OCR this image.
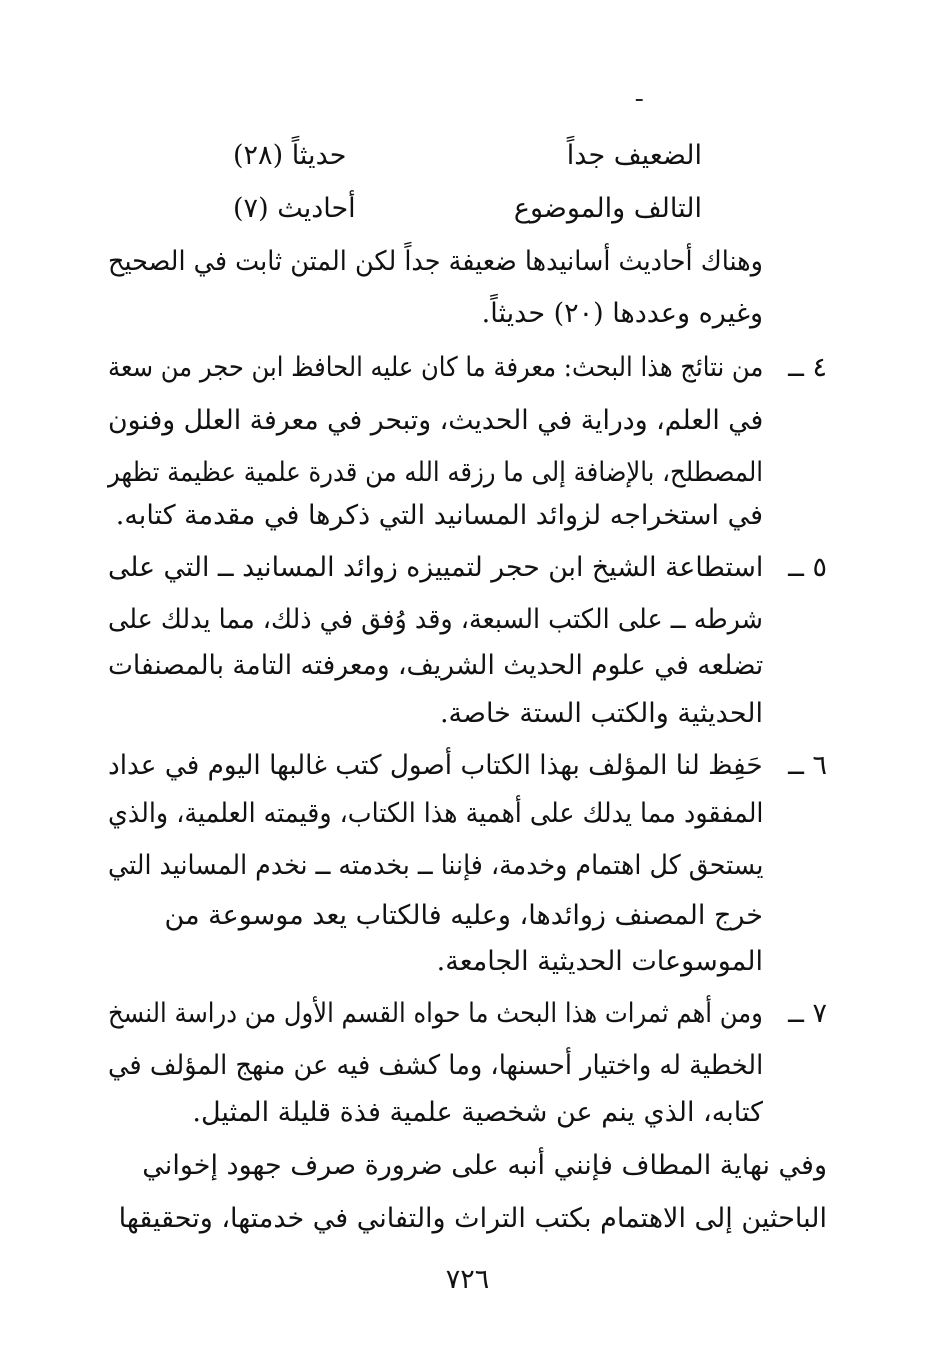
ـ
الضعيف جداً
(٢٨) حديثاً
التالف والموضوع
(٧) أحاديث
وهناك أحاديث أسانيدها ضعيفة جداً لكن المتن ثابت في الصحيح
وغيره وعددها (٢٠) حديثاً.
٤ ــ
من نتائج هذا البحث: معرفة ما كان عليه الحافظ ابن حجر من سعة
في العلم، ودراية في الحديث، وتبحر في معرفة العلل وفنون
المصطلح، بالإضافة إلى ما رزقه الله من قدرة علمية عظيمة تظهر
في استخراجه لزوائد المسانيد التي ذكرها في مقدمة كتابه.
٥ ــ
استطاعة الشيخ ابن حجر لتمييزه زوائد المسانيد ــ التي على
شرطه ــ على الكتب السبعة، وقد وُفق في ذلك، مما يدلك على
تضلعه في علوم الحديث الشريف، ومعرفته التامة بالمصنفات
الحديثية والكتب الستة خاصة.
٦ ــ
حَفِظ لنا المؤلف بهذا الكتاب أصول كتب غالبها اليوم في عداد
المفقود مما يدلك على أهمية هذا الكتاب، وقيمته العلمية، والذي
يستحق كل اهتمام وخدمة، فإننا ــ بخدمته ــ نخدم المسانيد التي
خرج المصنف زوائدها، وعليه فالكتاب يعد موسوعة من
الموسوعات الحديثية الجامعة.
٧ ــ
ومن أهم ثمرات هذا البحث ما حواه القسم الأول من دراسة النسخ
الخطية له واختيار أحسنها، وما كشف فيه عن منهج المؤلف في
كتابه، الذي ينم عن شخصية علمية فذة قليلة المثيل.
وفي نهاية المطاف فإنني أنبه على ضرورة صرف جهود إخواني
الباحثين إلى الاهتمام بكتب التراث والتفاني في خدمتها، وتحقيقها
٧٢٦
